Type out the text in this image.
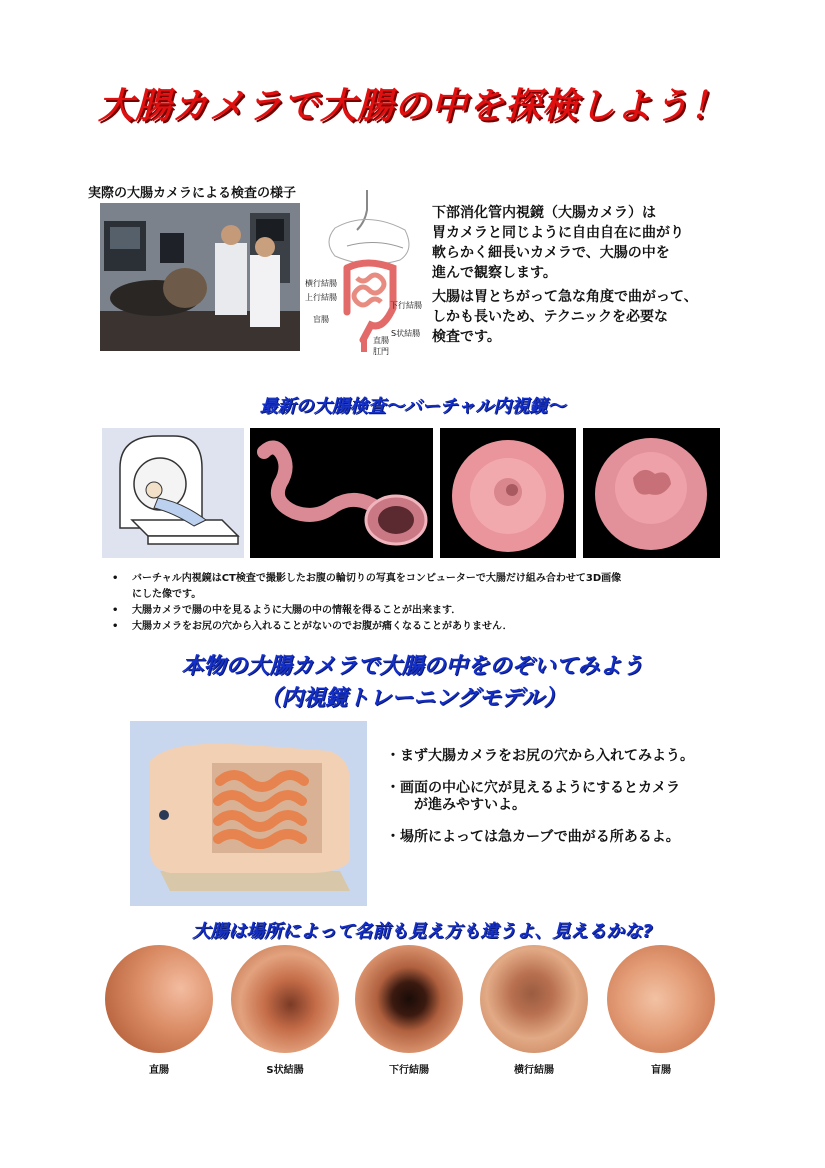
大腸カメラで大腸の中を探検しよう！
実際の大腸カメラによる検査の様子
横行結腸
上行結腸
下行結腸
盲腸
S状結腸
直腸
肛門
下部消化管内視鏡（大腸カメラ）は
胃カメラと同じように自由自在に曲がり
軟らかく細長いカメラで、大腸の中を
進んで観察します。
大腸は胃とちがって急な角度で曲がって、
しかも長いため、テクニックを必要な
検査です。
最新の大腸検査～バーチャル内視鏡～
• バーチャル内視鏡はCT検査で撮影したお腹の輪切りの写真をコンピューターで大腸だけ組み合わせて3D画像
にした像です。
• 大腸カメラで腸の中を見るように大腸の中の情報を得ることが出来ます．
• 大腸カメラをお尻の穴から入れることがないのでお腹が痛くなることがありません．
本物の大腸カメラで大腸の中をのぞいてみよう
（内視鏡トレーニングモデル）
・ まず大腸カメラをお尻の穴から入れてみよう。
・ 画面の中心に穴が見えるようにするとカメラ
が進みやすいよ。
・ 場所によっては急カーブで曲がる所あるよ。
大腸は場所によって名前も見え方も違うよ、見えるかな?
直腸	S状結腸	下行結腸	横行結腸	盲腸
